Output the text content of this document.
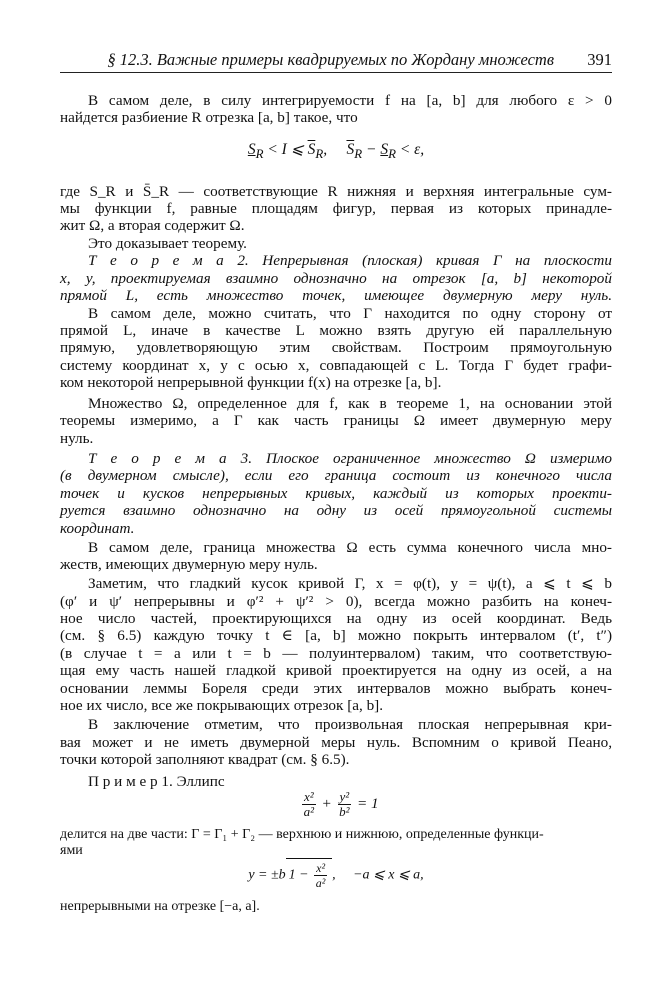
§ 12.3. Важные примеры квадрируемых по Жордану множеств 391
В самом деле, в силу интегрируемости f на [a, b] для любого ε > 0
найдется разбиение R отрезка [a, b] такое, что
$S_R < I$ ⩽ $\overline{S}_R$,     $\overline{S}_R - S_R < \varepsilon$,
где S_R и S̄_R — соответствующие R нижняя и верхняя интегральные сум-
мы функции f, равные площадям фигур, первая из которых принадле-
жит Ω, а вторая содержит Ω.
Это доказывает теорему.
Т е о р е м а 2. Непрерывная (плоская) кривая Γ на плоскости
x, y, проектируемая взаимно однозначно на отрезок [a, b] некоторой
прямой L, есть множество точек, имеющее двумерную меру нуль.
В самом деле, можно считать, что Γ находится по одну сторону от
прямой L, иначе в качестве L можно взять другую ей параллельную
прямую, удовлетворяющую этим свойствам. Построим прямоугольную
систему координат x, y с осью x, совпадающей с L. Тогда Γ будет графи-
ком некоторой непрерывной функции f(x) на отрезке [a, b].
Множество Ω, определенное для f, как в теореме 1, на основании этой
теоремы измеримо, а Γ как часть границы Ω имеет двумерную меру
нуль.
Т е о р е м а 3. Плоское ограниченное множество Ω измеримо
(в двумерном смысле), если его граница состоит из конечного числа
точек и кусков непрерывных кривых, каждый из которых проекти-
руется взаимно однозначно на одну из осей прямоугольной системы
координат.
В самом деле, граница множества Ω есть сумма конечного числа мно-
жеств, имеющих двумерную меру нуль.
Заметим, что гладкий кусок кривой Γ, x = φ(t), y = ψ(t), a ⩽ t ⩽ b
(φ′ и ψ′ непрерывны и φ′² + ψ′² > 0), всегда можно разбить на конеч-
ное число частей, проектирующихся на одну из осей координат. Ведь
(см. § 6.5) каждую точку t ∈ [a, b] можно покрыть интервалом (t′, t″)
(в случае t = a или t = b — полуинтервалом) таким, что соответствую-
щая ему часть нашей гладкой кривой проектируется на одну из осей, а на
основании леммы Бореля среди этих интервалов можно выбрать конеч-
ное их число, все же покрывающих отрезок [a, b].
В заключение отметим, что произвольная плоская непрерывная кри-
вая может и не иметь двумерной меры нуль. Вспомним о кривой Пеано,
точки которой заполняют квадрат (см. § 6.5).
П р и м е р 1. Эллипс
$\frac{\text{x²}}{\text{a²}} + \frac{\text{y²}}{\text{b²}} = 1$
делится на две части: Γ = Γ₁ + Γ₂ — верхнюю и нижнюю, определенные функци-
ями
y = ±b $1 - \frac{\text{x²}}{\text{a²}}$ ,     −a ⩽ x ⩽ a,
непрерывными на отрезке [−a, a].
